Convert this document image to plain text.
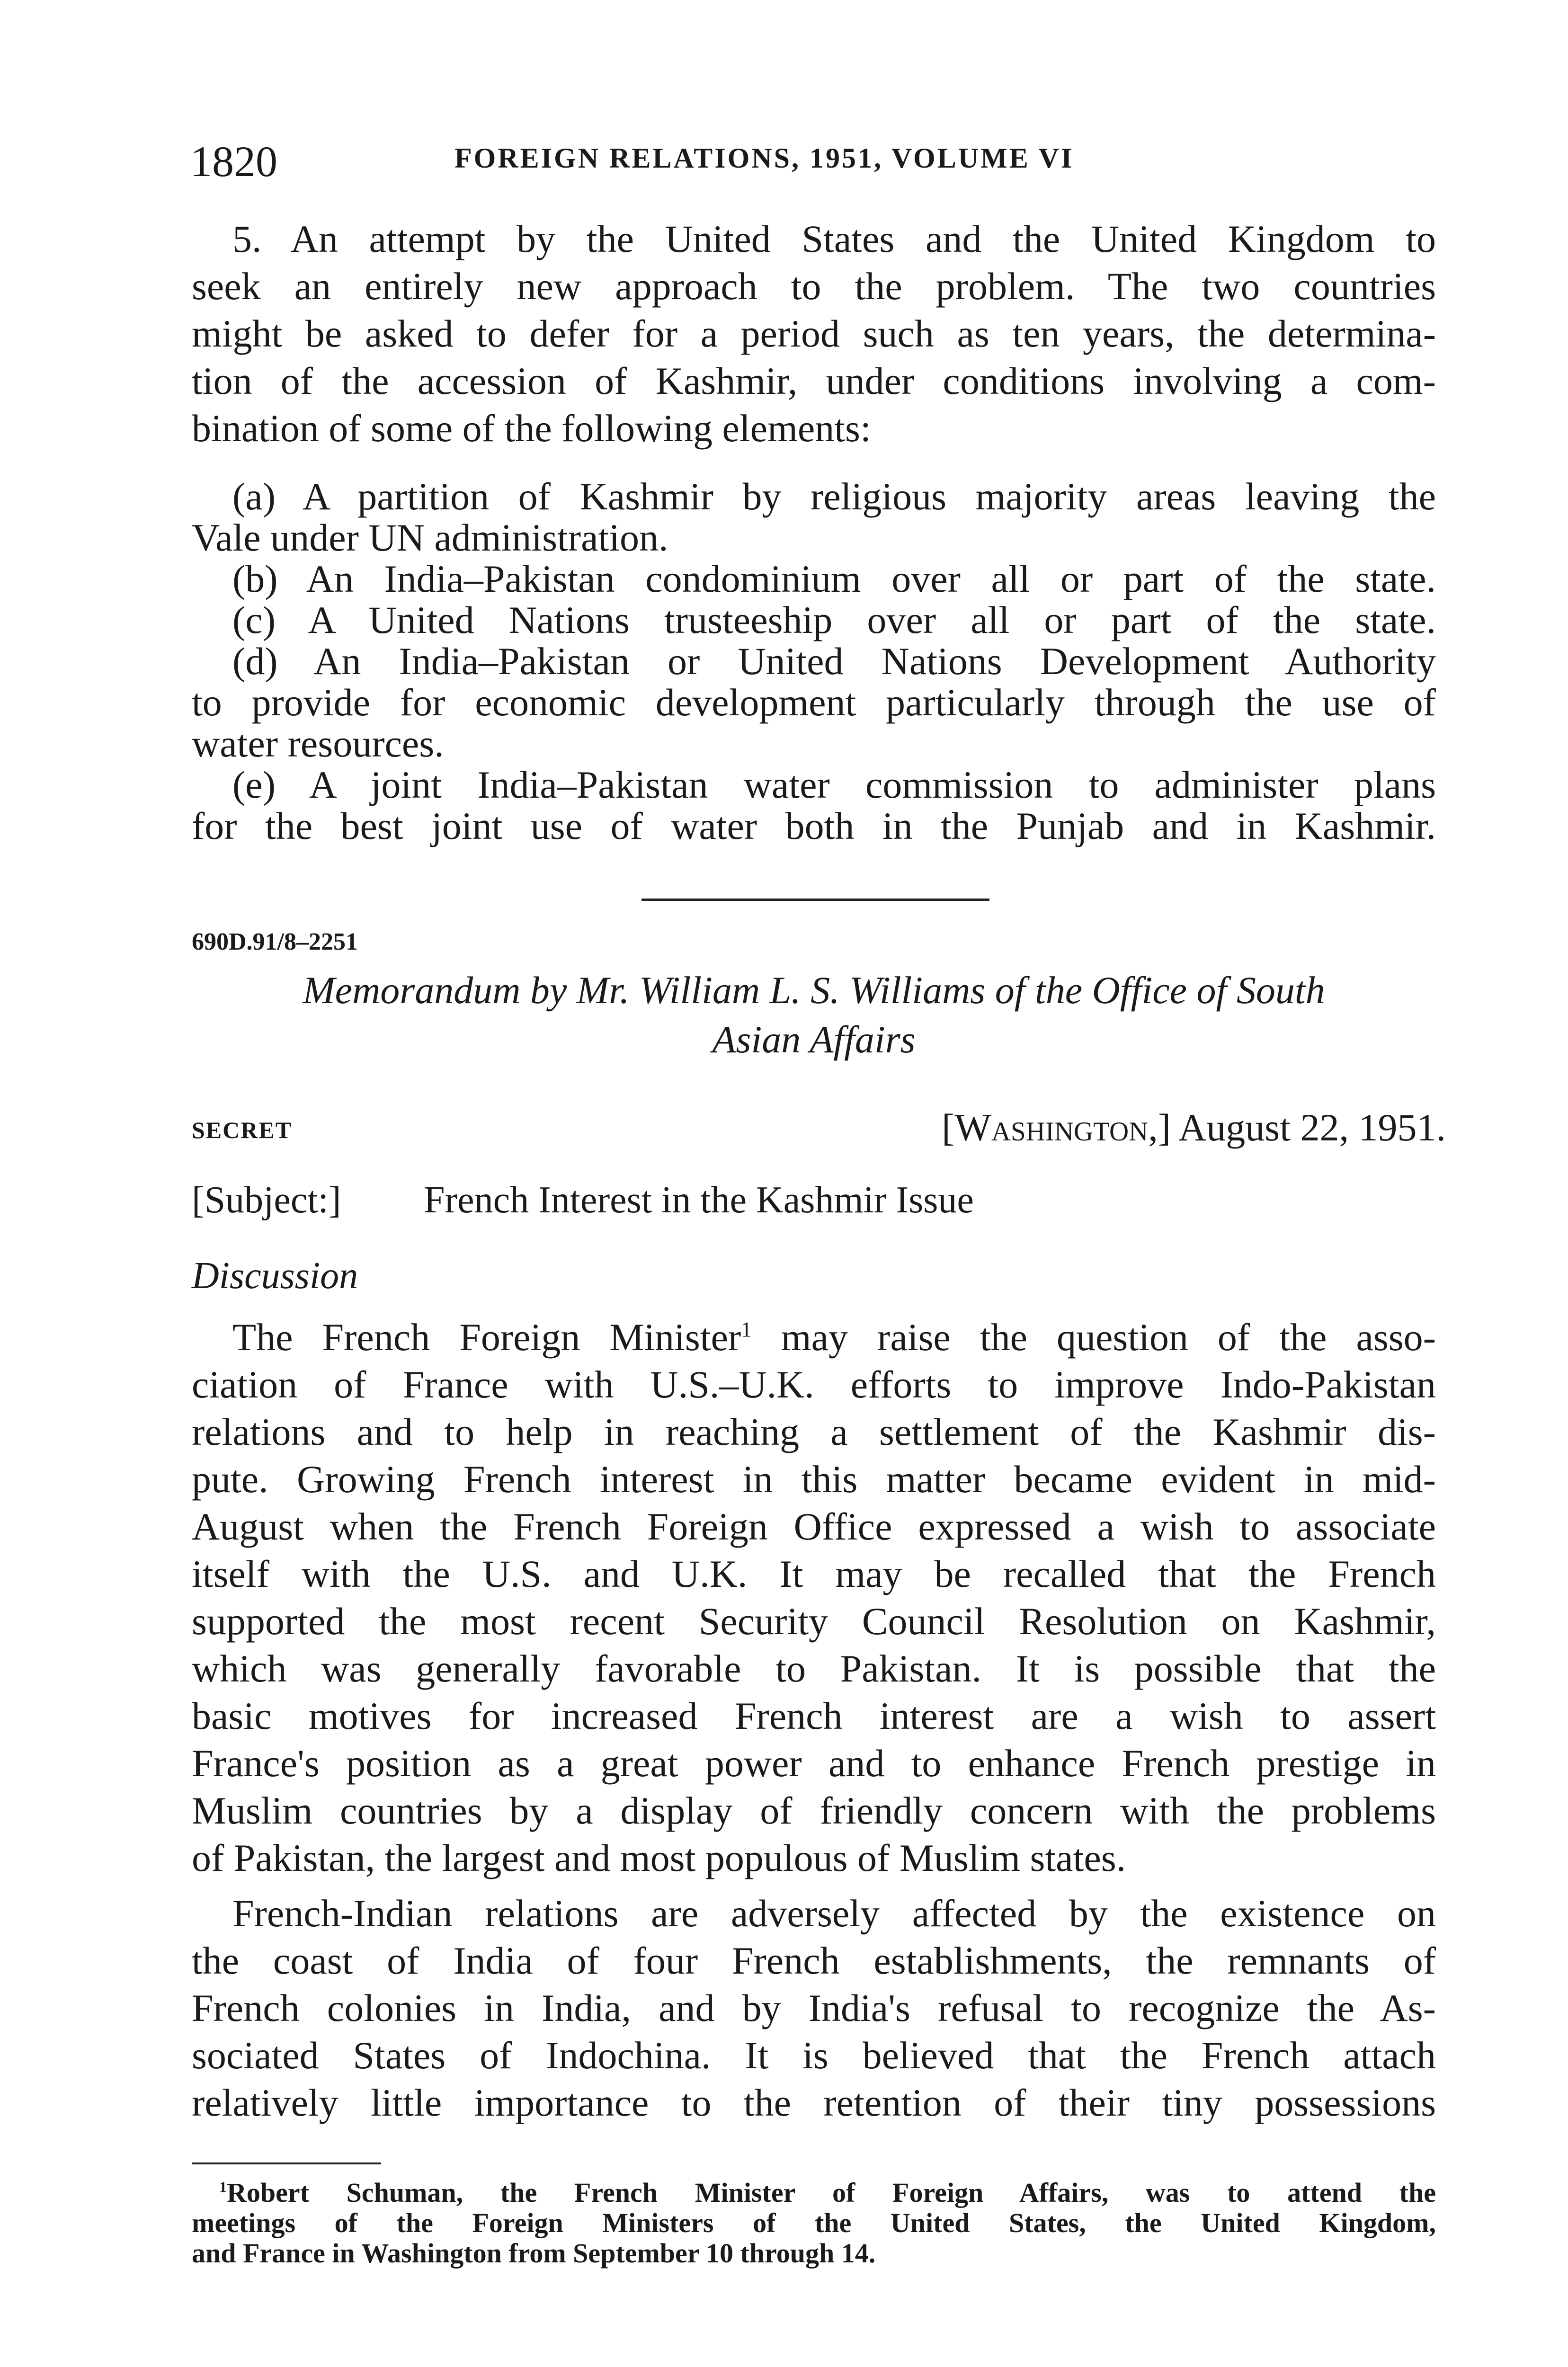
1820	FOREIGN RELATIONS, 1951, VOLUME VI
5. An attempt by the United States and the United Kingdom to
seek an entirely new approach to the problem. The two countries
might be asked to defer for a period such as ten years, the determina-
tion of the accession of Kashmir, under conditions involving a com-
bination of some of the following elements:
(a) A partition of Kashmir by religious majority areas leaving the
Vale under UN administration.
(b) An India–Pakistan condominium over all or part of the state.
(c) A United Nations trusteeship over all or part of the state.
(d) An India–Pakistan or United Nations Development Authority
to provide for economic development particularly through the use of
water resources.
(e) A joint India–Pakistan water commission to administer plans
for the best joint use of water both in the Punjab and in Kashmir.
690D.91/8–2251
Memorandum by Mr. William L. S. Williams of the Office of South
Asian Affairs
SECRET	[Washington,] August 22, 1951.
[Subject:] French Interest in the Kashmir Issue
Discussion
The French Foreign Minister$^1$ may raise the question of the asso-
ciation of France with U.S.–U.K. efforts to improve Indo-Pakistan
relations and to help in reaching a settlement of the Kashmir dis-
pute. Growing French interest in this matter became evident in mid-
August when the French Foreign Office expressed a wish to associate
itself with the U.S. and U.K. It may be recalled that the French
supported the most recent Security Council Resolution on Kashmir,
which was generally favorable to Pakistan. It is possible that the
basic motives for increased French interest are a wish to assert
France's position as a great power and to enhance French prestige in
Muslim countries by a display of friendly concern with the problems
of Pakistan, the largest and most populous of Muslim states.
French-Indian relations are adversely affected by the existence on
the coast of India of four French establishments, the remnants of
French colonies in India, and by India's refusal to recognize the As-
sociated States of Indochina. It is believed that the French attach
relatively little importance to the retention of their tiny possessions
$^1$Robert Schuman, the French Minister of Foreign Affairs, was to attend the
meetings of the Foreign Ministers of the United States, the United Kingdom,
and France in Washington from September 10 through 14.
